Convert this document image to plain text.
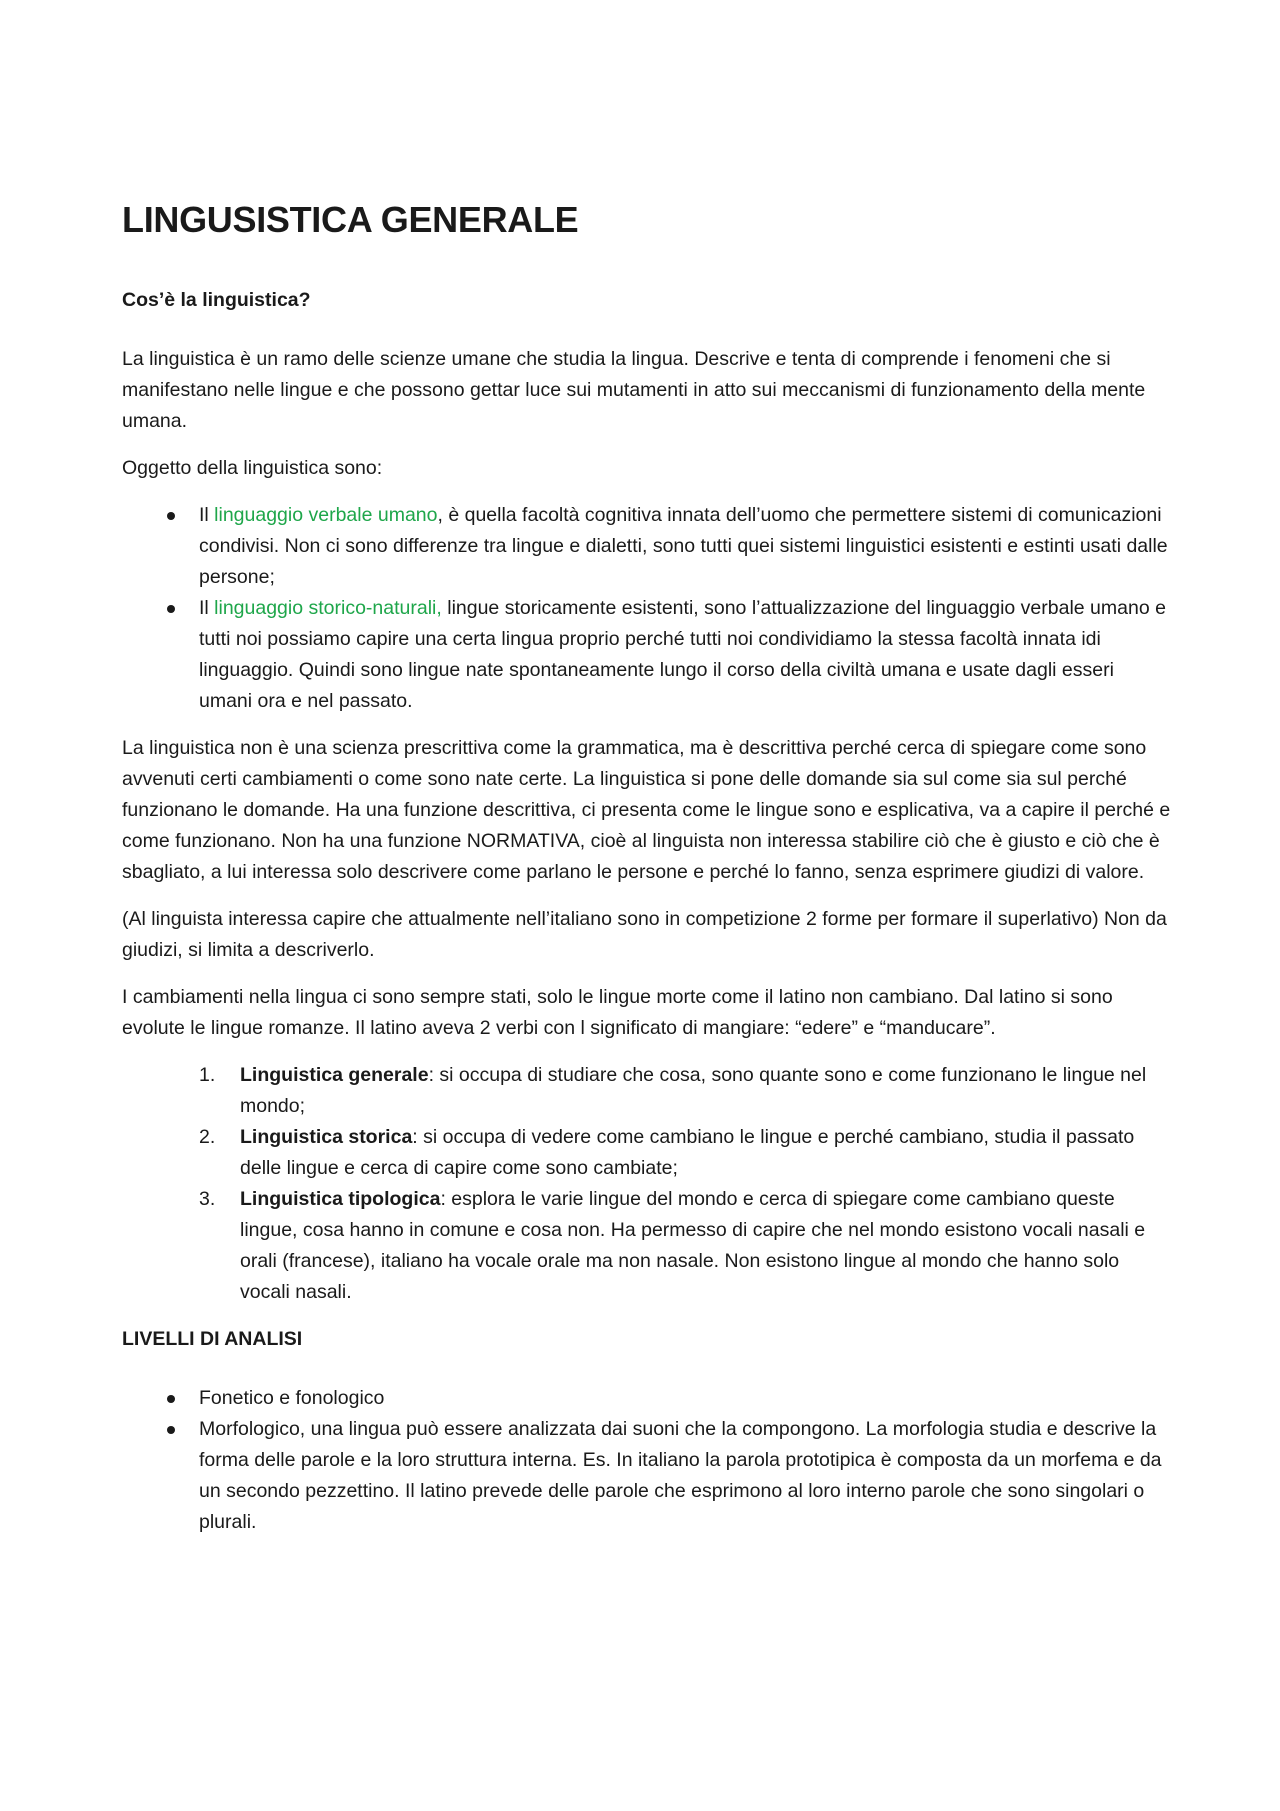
LINGUSISTICA GENERALE
Cos’è la linguistica?

La linguistica è un ramo delle scienze umane che studia la lingua. Descrive e tenta di comprende i fenomeni che si manifestano nelle lingue e che possono gettar luce sui mutamenti in atto sui meccanismi di funzionamento della mente umana.

Oggetto della linguistica sono:

Il linguaggio verbale umano, è quella facoltà cognitiva innata dell’uomo che permettere sistemi di comunicazioni condivisi. Non ci sono differenze tra lingue e dialetti, sono tutti quei sistemi linguistici esistenti e estinti usati dalle persone;
Il linguaggio storico-naturali, lingue storicamente esistenti, sono l’attualizzazione del linguaggio verbale umano e tutti noi possiamo capire una certa lingua proprio perché tutti noi condividiamo la stessa facoltà innata idi linguaggio. Quindi sono lingue nate spontaneamente lungo il corso della civiltà umana e usate dagli esseri umani ora e nel passato.

La linguistica non è una scienza prescrittiva come la grammatica, ma è descrittiva perché cerca di spiegare come sono avvenuti certi cambiamenti o come sono nate certe. La linguistica si pone delle domande sia sul come sia sul perché funzionano le domande. Ha una funzione descrittiva, ci presenta come le lingue sono e esplicativa, va a capire il perché e come funzionano. Non ha una funzione NORMATIVA, cioè al linguista non interessa stabilire ciò che è giusto e ciò che è sbagliato, a lui interessa solo descrivere come parlano le persone e perché lo fanno, senza esprimere giudizi di valore.

(Al linguista interessa capire che attualmente nell’italiano sono in competizione 2 forme per formare il superlativo) Non da giudizi, si limita a descriverlo.

I cambiamenti nella lingua ci sono sempre stati, solo le lingue morte come il latino non cambiano. Dal latino si sono evolute le lingue romanze. Il latino aveva 2 verbi con l significato di mangiare: “edere” e “manducare”.

1. Linguistica generale: si occupa di studiare che cosa, sono quante sono e come funzionano le lingue nel mondo;
2. Linguistica storica: si occupa di vedere come cambiano le lingue e perché cambiano, studia il passato delle lingue e cerca di capire come sono cambiate;
3. Linguistica tipologica: esplora le varie lingue del mondo e cerca di spiegare come cambiano queste lingue, cosa hanno in comune e cosa non. Ha permesso di capire che nel mondo esistono vocali nasali e orali (francese), italiano ha vocale orale ma non nasale. Non esistono lingue al mondo che hanno solo vocali nasali.
LIVELLI DI ANALISI
Fonetico e fonologico
Morfologico, una lingua può essere analizzata dai suoni che la compongono. La morfologia studia e descrive la forma delle parole e la loro struttura interna. Es. In italiano la parola prototipica è composta da un morfema e da un secondo pezzettino. Il latino prevede delle parole che esprimono al loro interno parole che sono singolari o plurali.
